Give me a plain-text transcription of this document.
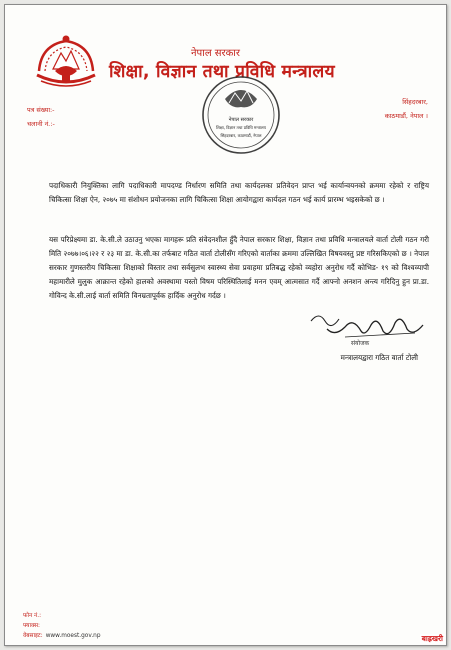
नेपाल सरकार
शिक्षा, विज्ञान तथा प्रविधि मन्त्रालय
पत्र संख्या:-
चलानी नं.:-
सिंहदरबार,
काठमाडौं, नेपाल ।
नेपाल सरकार
शिक्षा, विज्ञान तथा प्रविधि मन्त्रालय
सिंहदरबार, काठमाडौं, नेपाल
पदाधिकारी नियुक्तिका लागि पदाधिकारी मापदण्ड निर्धारण समिति तथा कार्यदलका प्रतिवेदन प्राप्त भई कार्यान्वयनको क्रममा रहेको र राष्ट्रिय चिकित्सा शिक्षा ऐन, २०७५ मा संशोधन प्रयोजनका लागि चिकित्सा शिक्षा आयोगद्वारा कार्यदल गठन भई कार्य प्रारम्भ भइसकेको छ ।
यस परिप्रेक्ष्यमा डा. के.सी.ले उठाउनु भएका मागहरू प्रति संवेदनशील हुँदै नेपाल सरकार शिक्षा, विज्ञान तथा प्रविधि मन्त्रालयले वार्ता टोली गठन गरी मिति २०७७।०६।२२ र २३ मा डा. के.सी.का तर्फबाट गठित वार्ता टोलीसँग गरिएको वार्ताका क्रममा उल्लिखित विषयवस्तु प्रष्ट गरिसकिएको छ । नेपाल सरकार गुणस्तरीय चिकित्सा शिक्षाको विस्तार तथा सर्वसुलभ स्वास्थ्य सेवा प्रवाहमा प्रतिबद्ध रहेको व्यहोरा अनुरोध गर्दै कोभिड- १९ को विश्वव्यापी महामारीले मुलुक आक्रान्त रहेको हालको अवस्थामा यस्तो विषम परिस्थितिलाई मनन एवम् आत्मसात गर्दै आफ्नो अनशन अन्त्य गरिदिनु हुन प्रा.डा. गोविन्द के.सी.लाई वार्ता समिति विनम्रतापूर्वक हार्दिक अनुरोध गर्दछ ।
संयोजक
मन्त्रालयद्वारा गठित वार्ता टोली
फोन नं.:
फ्याक्स:
वेबसाइट: www.moest.gov.np	बाह्रखरी
